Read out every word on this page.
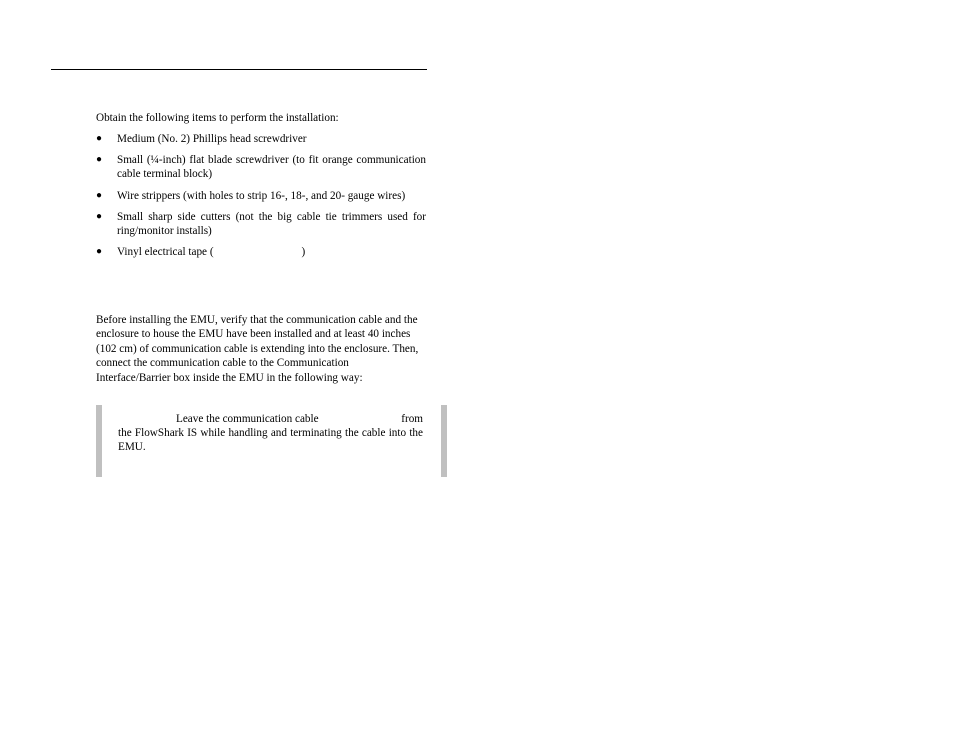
Obtain the following items to perform the installation:

● Medium (No. 2) Phillips head screwdriver
● Small (¼-inch) flat blade screwdriver (to fit orange communication cable terminal block)
● Wire strippers (with holes to strip 16-, 18-, and 20- gauge wires)
● Small sharp side cutters (not the big cable tie trimmers used for ring/monitor installs)
● Vinyl electrical tape (	)

Before installing the EMU, verify that the communication cable and the enclosure to house the EMU have been installed and at least 40 inches (102 cm) of communication cable is extending into the enclosure. Then, connect the communication cable to the Communication Interface/Barrier box inside the EMU in the following way:

Leave the communication cable	from
the FlowShark IS while handling and terminating the cable into the EMU.
